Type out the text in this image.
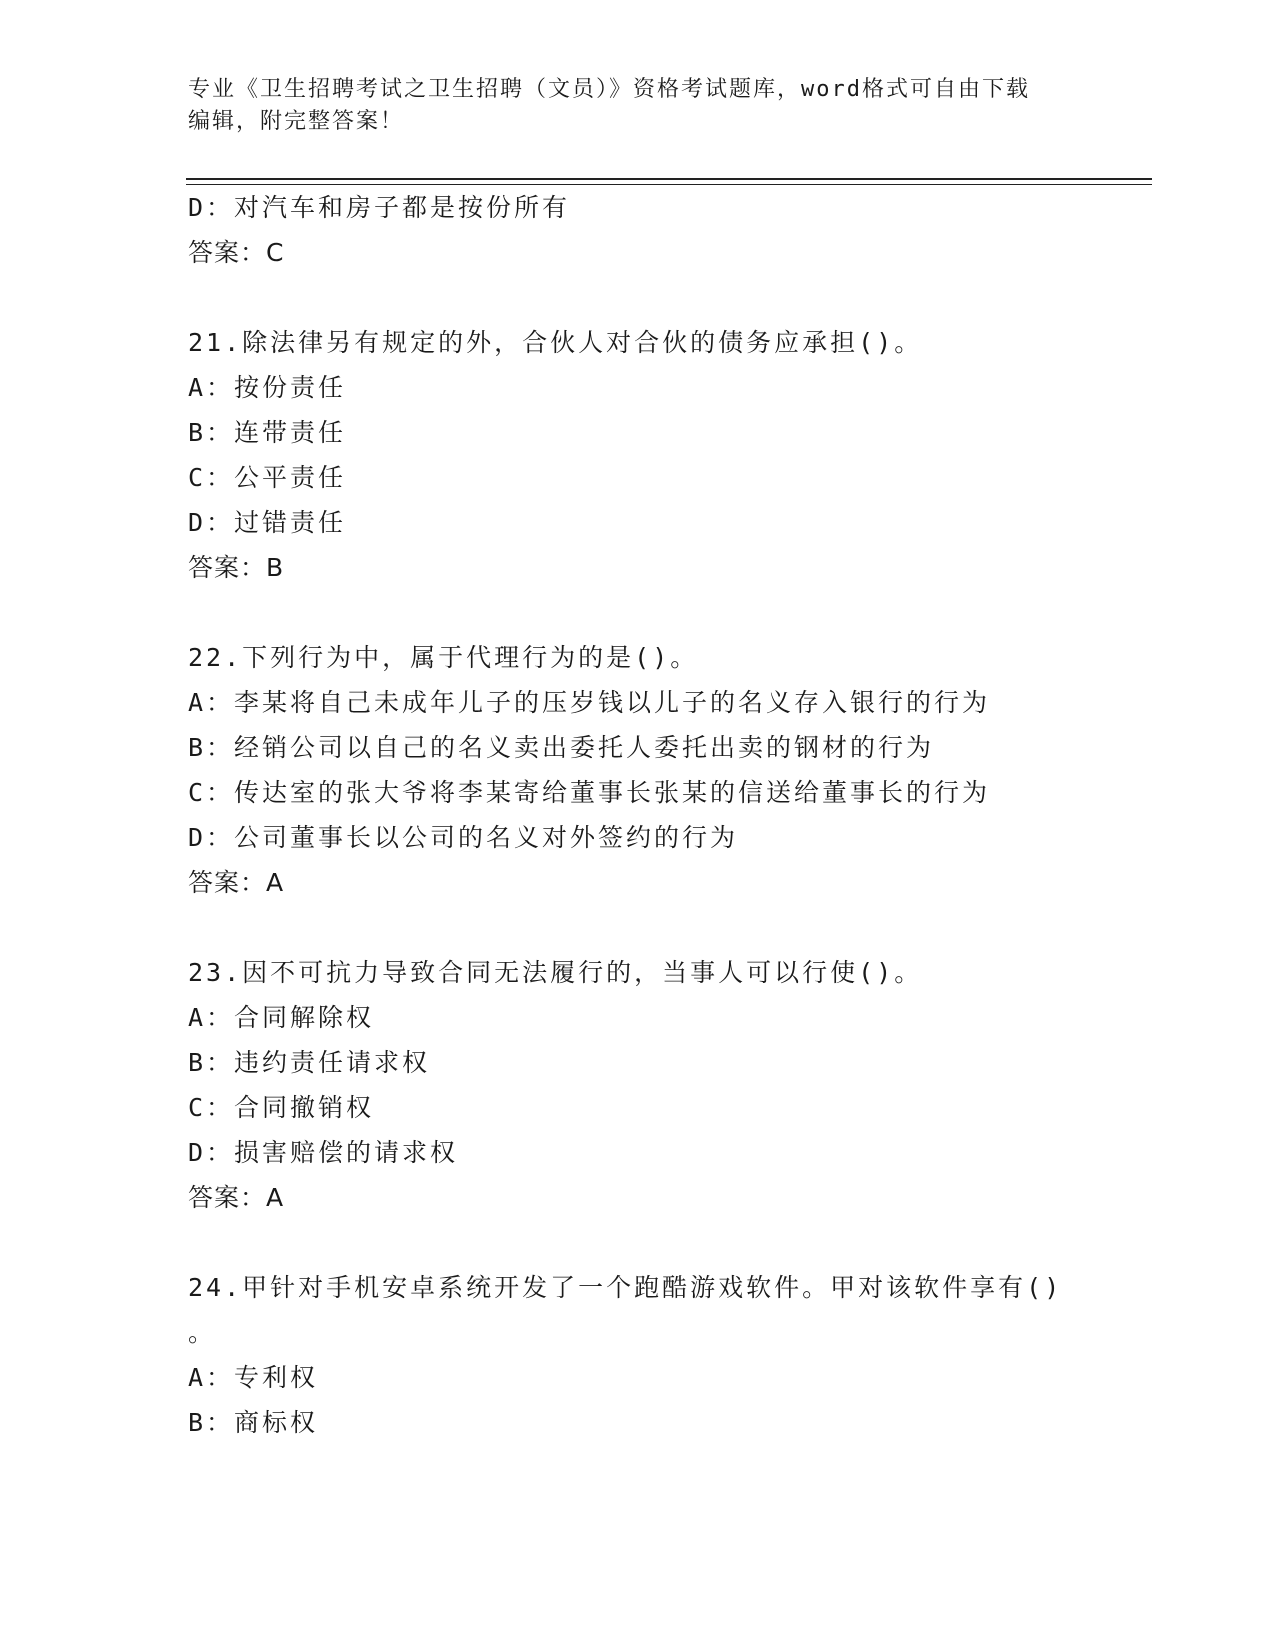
专业《卫生招聘考试之卫生招聘（文员）》资格考试题库，word格式可自由下载
编辑，附完整答案！
D：对汽车和房子都是按份所有
答案：C
21.除法律另有规定的外，合伙人对合伙的债务应承担()。
A：按份责任
B：连带责任
C：公平责任
D：过错责任
答案：B
22.下列行为中，属于代理行为的是()。
A：李某将自己未成年儿子的压岁钱以儿子的名义存入银行的行为
B：经销公司以自己的名义卖出委托人委托出卖的钢材的行为
C：传达室的张大爷将李某寄给董事长张某的信送给董事长的行为
D：公司董事长以公司的名义对外签约的行为
答案：A
23.因不可抗力导致合同无法履行的，当事人可以行使()。
A：合同解除权
B：违约责任请求权
C：合同撤销权
D：损害赔偿的请求权
答案：A
24.甲针对手机安卓系统开发了一个跑酷游戏软件。甲对该软件享有()
。
A：专利权
B：商标权
